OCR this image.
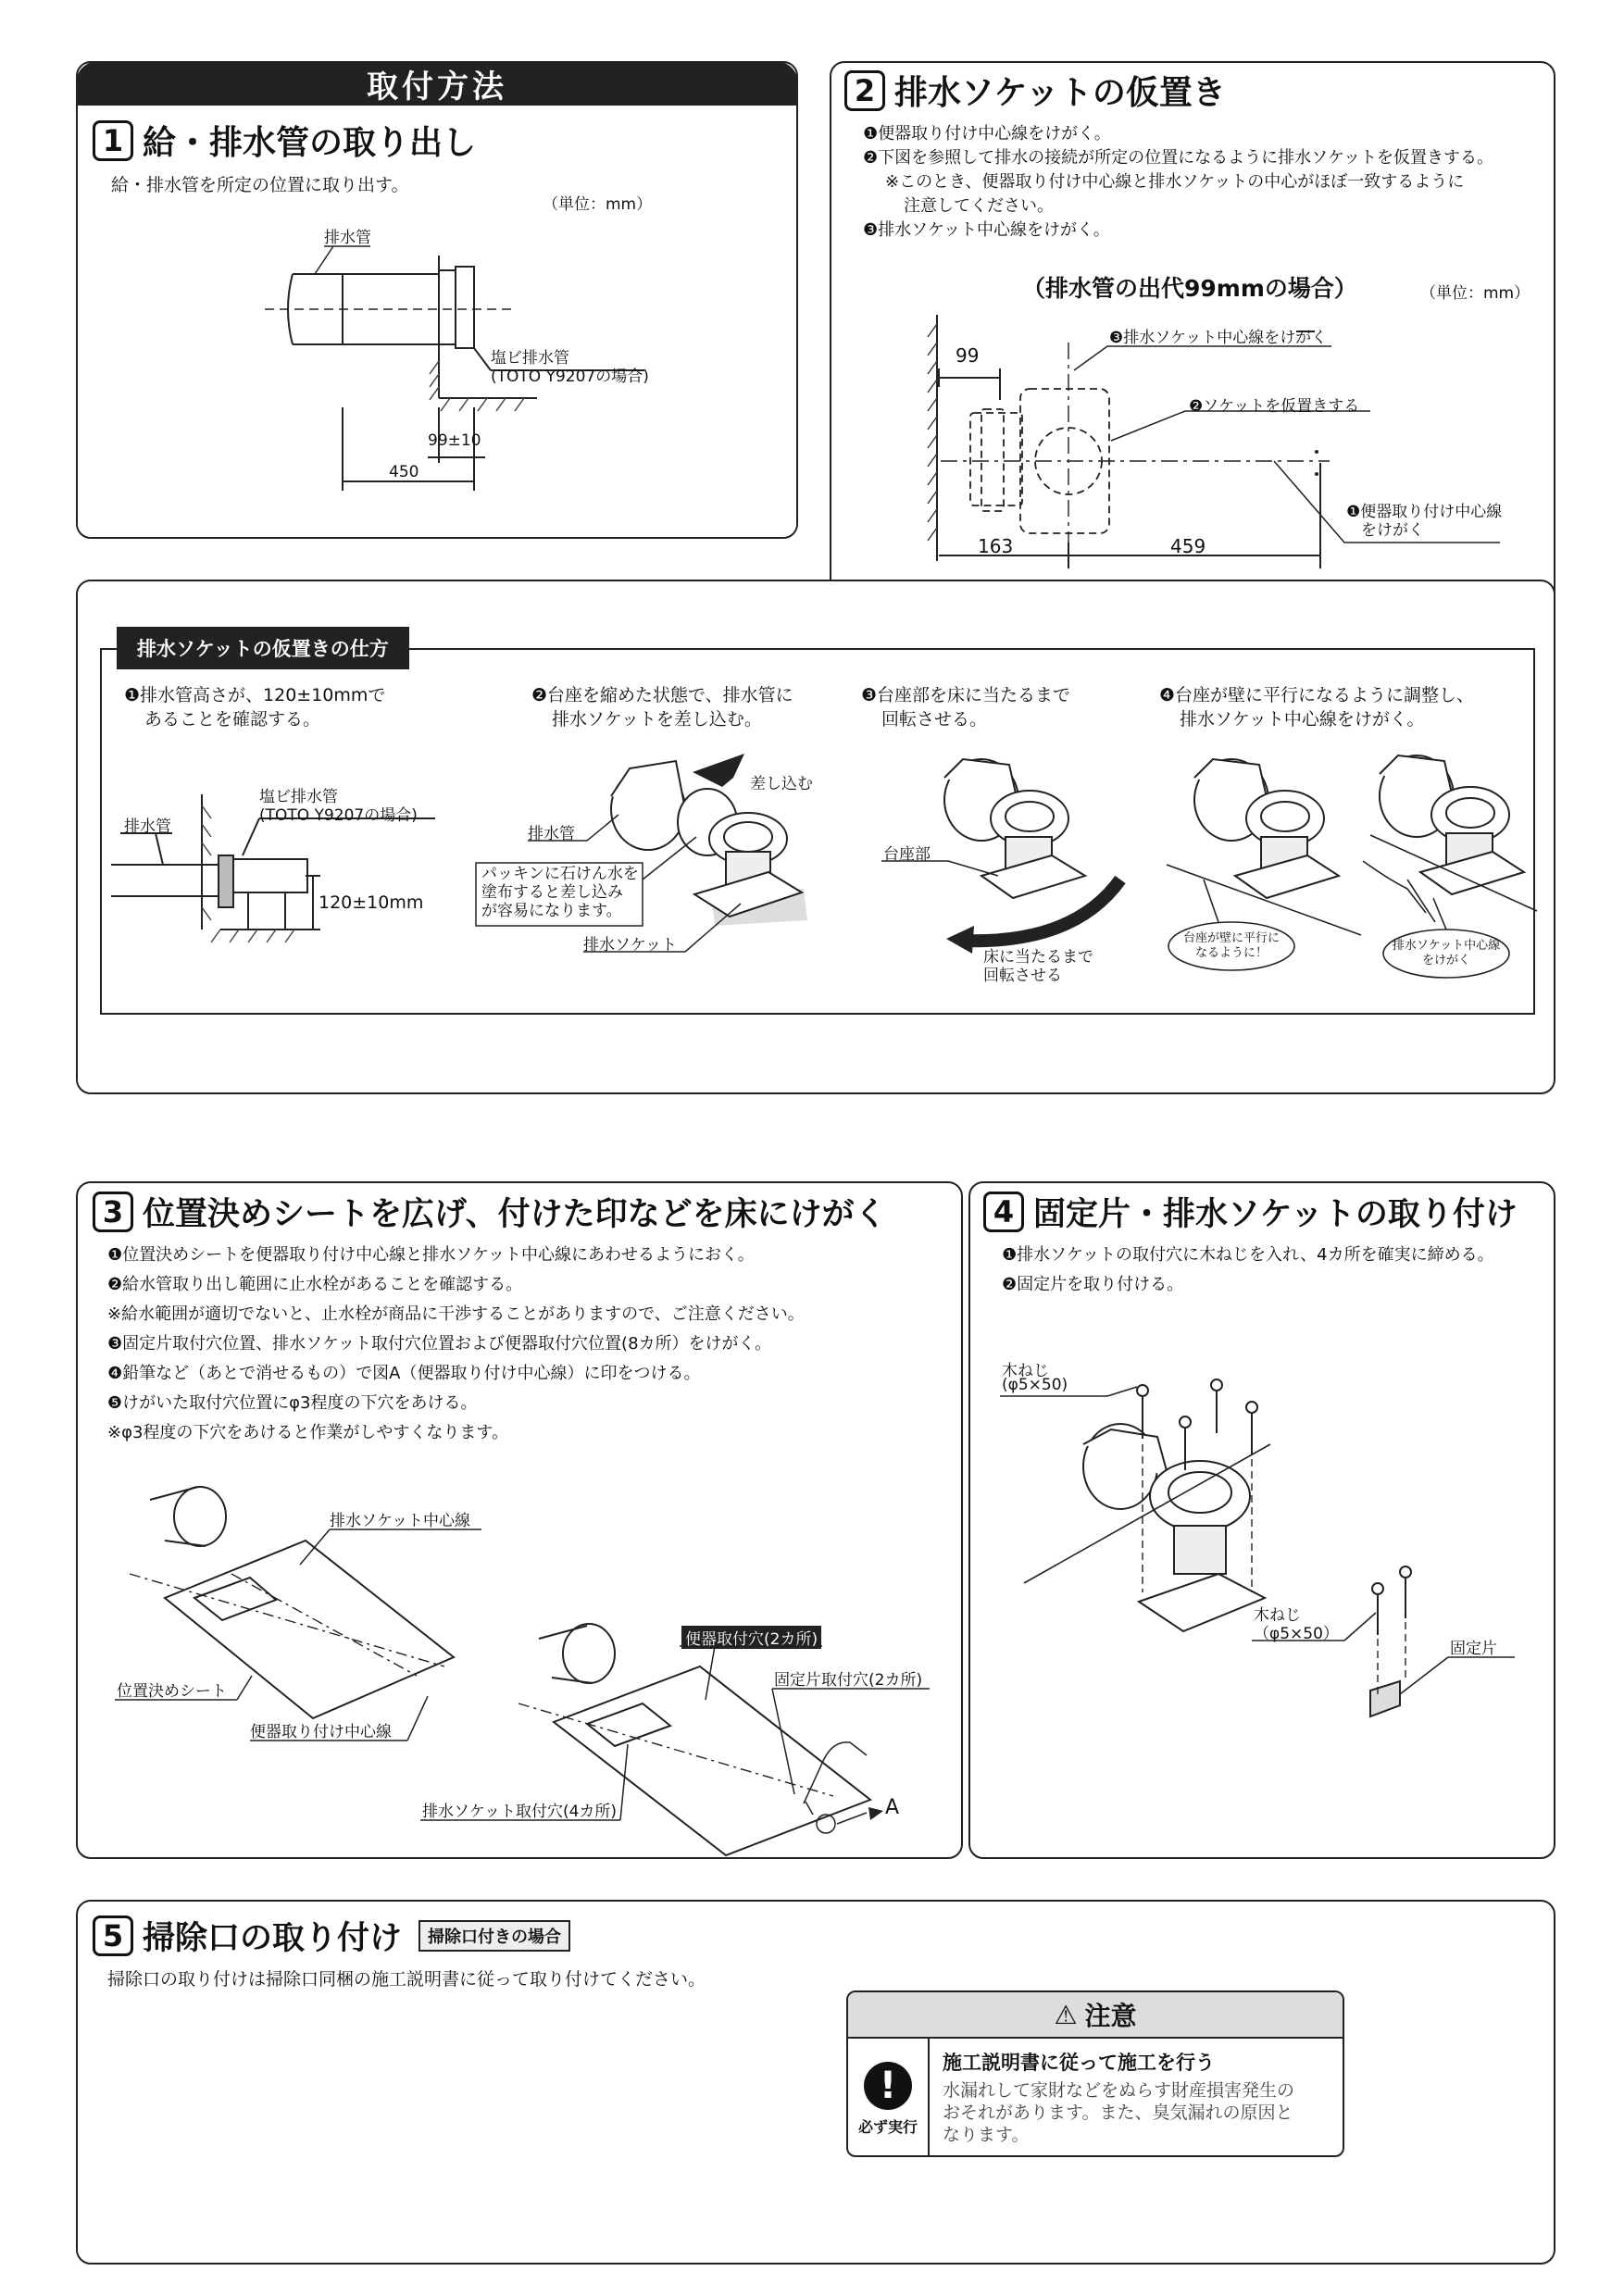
取付方法
1 給・排水管の取り出し
給・排水管を所定の位置に取り出す。
（単位：mm）
排水管
塩ビ排水管
(TOTO Y9207の場合)
99±10
450
2 排水ソケットの仮置き
❶便器取り付け中心線をけがく。
❷下図を参照して排水の接続が所定の位置になるように排水ソケットを仮置きする。
※このとき、便器取り付け中心線と排水ソケットの中心がほぼ一致するように
注意してください。
❸排水ソケット中心線をけがく。
（排水管の出代99mmの場合）	（単位：mm）
❸排水ソケット中心線をけがく
❷ソケットを仮置きする
❶便器取り付け中心線
をけがく
99
163	459
排水ソケットの仮置きの仕方
❶排水管高さが、120±10mmで
あることを確認する。
❷台座を縮めた状態で、排水管に
排水ソケットを差し込む。
❸台座部を床に当たるまで
回転させる。
❹台座が壁に平行になるように調整し、
排水ソケット中心線をけがく。
排水管
塩ビ排水管
(TOTO Y9207の場合)
120±10mm
差し込む
排水管
パッキンに石けん水を
塗布すると差し込み
が容易になります。
排水ソケット
台座部
床に当たるまで
回転させる
台座が壁に平行に
なるように！
排水ソケット中心線
をけがく
3 位置決めシートを広げ、付けた印などを床にけがく
❶位置決めシートを便器取り付け中心線と排水ソケット中心線にあわせるようにおく。
❷給水管取り出し範囲に止水栓があることを確認する。
※給水範囲が適切でないと、止水栓が商品に干渉することがありますので、ご注意ください。
❸固定片取付穴位置、排水ソケット取付穴位置および便器取付穴位置(8カ所）をけがく。
❹鉛筆など（あとで消せるもの）で図A（便器取り付け中心線）に印をつける。
❺けがいた取付穴位置にφ3程度の下穴をあける。
※φ3程度の下穴をあけると作業がしやすくなります。
排水ソケット中心線
位置決めシート
便器取り付け中心線
便器取付穴(2カ所)
固定片取付穴(2カ所)
排水ソケット取付穴(4カ所)	A
4 固定片・排水ソケットの取り付け
❶排水ソケットの取付穴に木ねじを入れ、4カ所を確実に締める。
❷固定片を取り付ける。
木ねじ
(φ5×50)
木ねじ
（φ5×50）
固定片
5 掃除口の取り付け	掃除口付きの場合
掃除口の取り付けは掃除口同梱の施工説明書に従って取り付けてください。
⚠ 注意
!
必ず実行
施工説明書に従って施工を行う
水漏れして家財などをぬらす財産損害発生の
おそれがあります。また、臭気漏れの原因と
なります。
